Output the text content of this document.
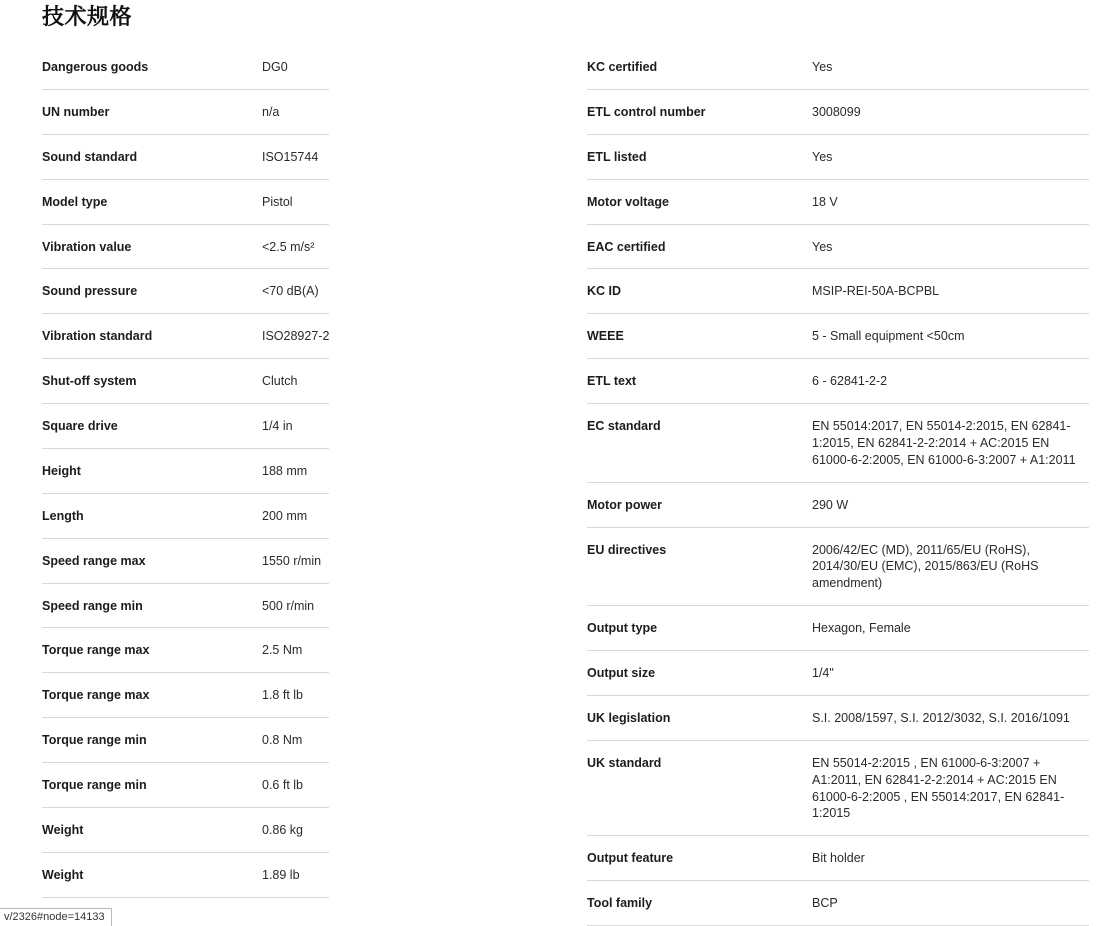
技术规格
Dangerous goods	DG0
UN number	n/a
Sound standard	ISO15744
Model type	Pistol
Vibration value	<2.5 m/s²
Sound pressure	<70 dB(A)
Vibration standard	ISO28927-2
Shut-off system	Clutch
Square drive	1/4 in
Height	188 mm
Length	200 mm
Speed range max	1550 r/min
Speed range min	500 r/min
Torque range max	2.5 Nm
Torque range max	1.8 ft lb
Torque range min	0.8 Nm
Torque range min	0.6 ft lb
Weight	0.86 kg
Weight	1.89 lb
KC certified	Yes
ETL control number	3008099
ETL listed	Yes
Motor voltage	18 V
EAC certified	Yes
KC ID	MSIP-REI-50A-BCPBL
WEEE	5 - Small equipment <50cm
ETL text	6 - 62841-2-2
EC standard	EN 55014:2017, EN 55014-2:2015, EN 62841-1:2015, EN 62841-2-2:2014 + AC:2015 EN 61000-6-2:2005, EN 61000-6-3:2007 + A1:2011
Motor power	290 W
EU directives	2006/42/EC (MD), 2011/65/EU (RoHS), 2014/30/EU (EMC), 2015/863/EU (RoHS amendment)
Output type	Hexagon, Female
Output size	1/4"
UK legislation	S.I. 2008/1597, S.I. 2012/3032, S.I. 2016/1091
UK standard	EN 55014-2:2015 , EN 61000-6-3:2007 + A1:2011, EN 62841-2-2:2014 + AC:2015 EN 61000-6-2:2005 , EN 55014:2017, EN 62841-1:2015
Output feature	Bit holder
Tool family	BCP
v/2326#node=14133
